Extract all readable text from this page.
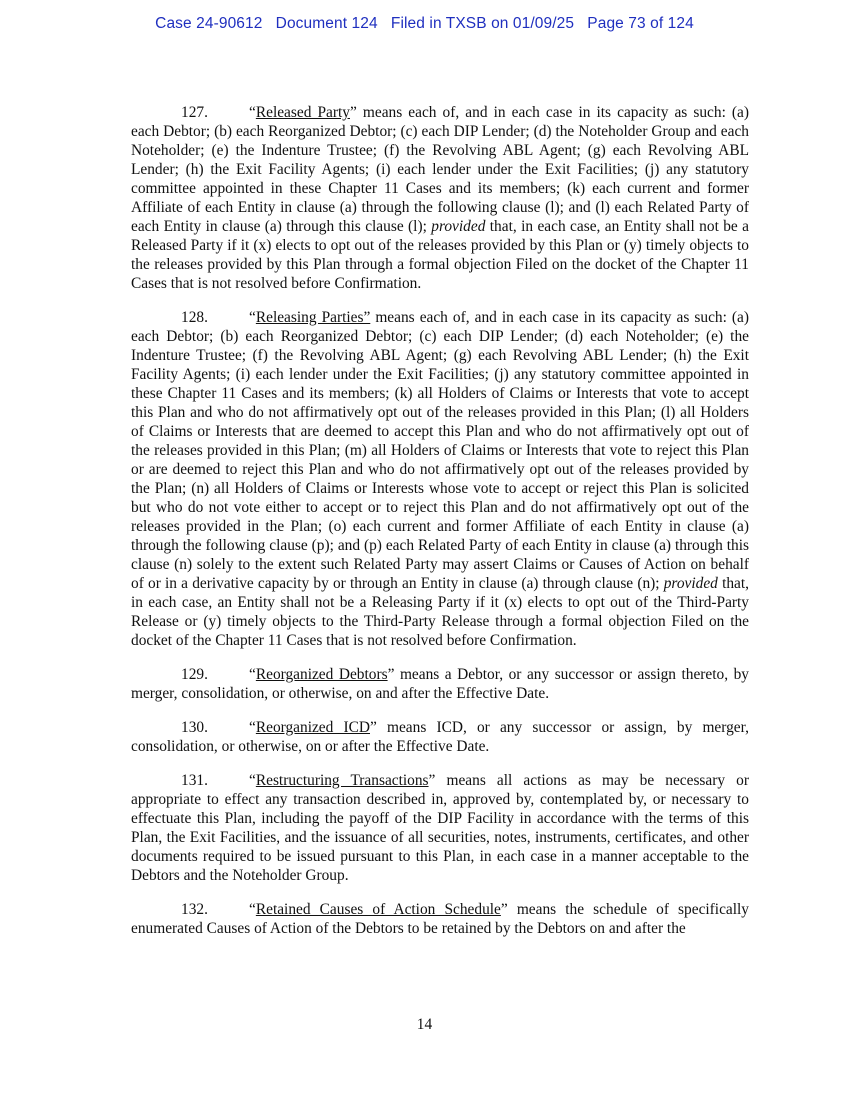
Case 24-90612   Document 124   Filed in TXSB on 01/09/25   Page 73 of 124

127.	“Released Party” means each of, and in each case in its capacity as such: (a) each Debtor; (b) each Reorganized Debtor; (c) each DIP Lender; (d) the Noteholder Group and each Noteholder; (e) the Indenture Trustee; (f) the Revolving ABL Agent; (g) each Revolving ABL Lender; (h) the Exit Facility Agents; (i) each lender under the Exit Facilities; (j) any statutory committee appointed in these Chapter 11 Cases and its members; (k) each current and former Affiliate of each Entity in clause (a) through the following clause (l); and (l) each Related Party of each Entity in clause (a) through this clause (l); provided that, in each case, an Entity shall not be a Released Party if it (x) elects to opt out of the releases provided by this Plan or (y) timely objects to the releases provided by this Plan through a formal objection Filed on the docket of the Chapter 11 Cases that is not resolved before Confirmation.

128.	“Releasing Parties” means each of, and in each case in its capacity as such: (a) each Debtor; (b) each Reorganized Debtor; (c) each DIP Lender; (d) each Noteholder; (e) the Indenture Trustee; (f) the Revolving ABL Agent; (g) each Revolving ABL Lender; (h) the Exit Facility Agents; (i) each lender under the Exit Facilities; (j) any statutory committee appointed in these Chapter 11 Cases and its members; (k) all Holders of Claims or Interests that vote to accept this Plan and who do not affirmatively opt out of the releases provided in this Plan; (l) all Holders of Claims or Interests that are deemed to accept this Plan and who do not affirmatively opt out of the releases provided in this Plan; (m) all Holders of Claims or Interests that vote to reject this Plan or are deemed to reject this Plan and who do not affirmatively opt out of the releases provided by the Plan; (n) all Holders of Claims or Interests whose vote to accept or reject this Plan is solicited but who do not vote either to accept or to reject this Plan and do not affirmatively opt out of the releases provided in the Plan; (o) each current and former Affiliate of each Entity in clause (a) through the following clause (p); and (p) each Related Party of each Entity in clause (a) through this clause (n) solely to the extent such Related Party may assert Claims or Causes of Action on behalf of or in a derivative capacity by or through an Entity in clause (a) through clause (n); provided that, in each case, an Entity shall not be a Releasing Party if it (x) elects to opt out of the Third-Party Release or (y) timely objects to the Third-Party Release through a formal objection Filed on the docket of the Chapter 11 Cases that is not resolved before Confirmation.

129.	“Reorganized Debtors” means a Debtor, or any successor or assign thereto, by merger, consolidation, or otherwise, on and after the Effective Date.

130.	“Reorganized ICD” means ICD, or any successor or assign, by merger, consolidation, or otherwise, on or after the Effective Date.

131.	“Restructuring Transactions” means all actions as may be necessary or appropriate to effect any transaction described in, approved by, contemplated by, or necessary to effectuate this Plan, including the payoff of the DIP Facility in accordance with the terms of this Plan, the Exit Facilities, and the issuance of all securities, notes, instruments, certificates, and other documents required to be issued pursuant to this Plan, in each case in a manner acceptable to the Debtors and the Noteholder Group.

132.	“Retained Causes of Action Schedule” means the schedule of specifically enumerated Causes of Action of the Debtors to be retained by the Debtors on and after the

14
